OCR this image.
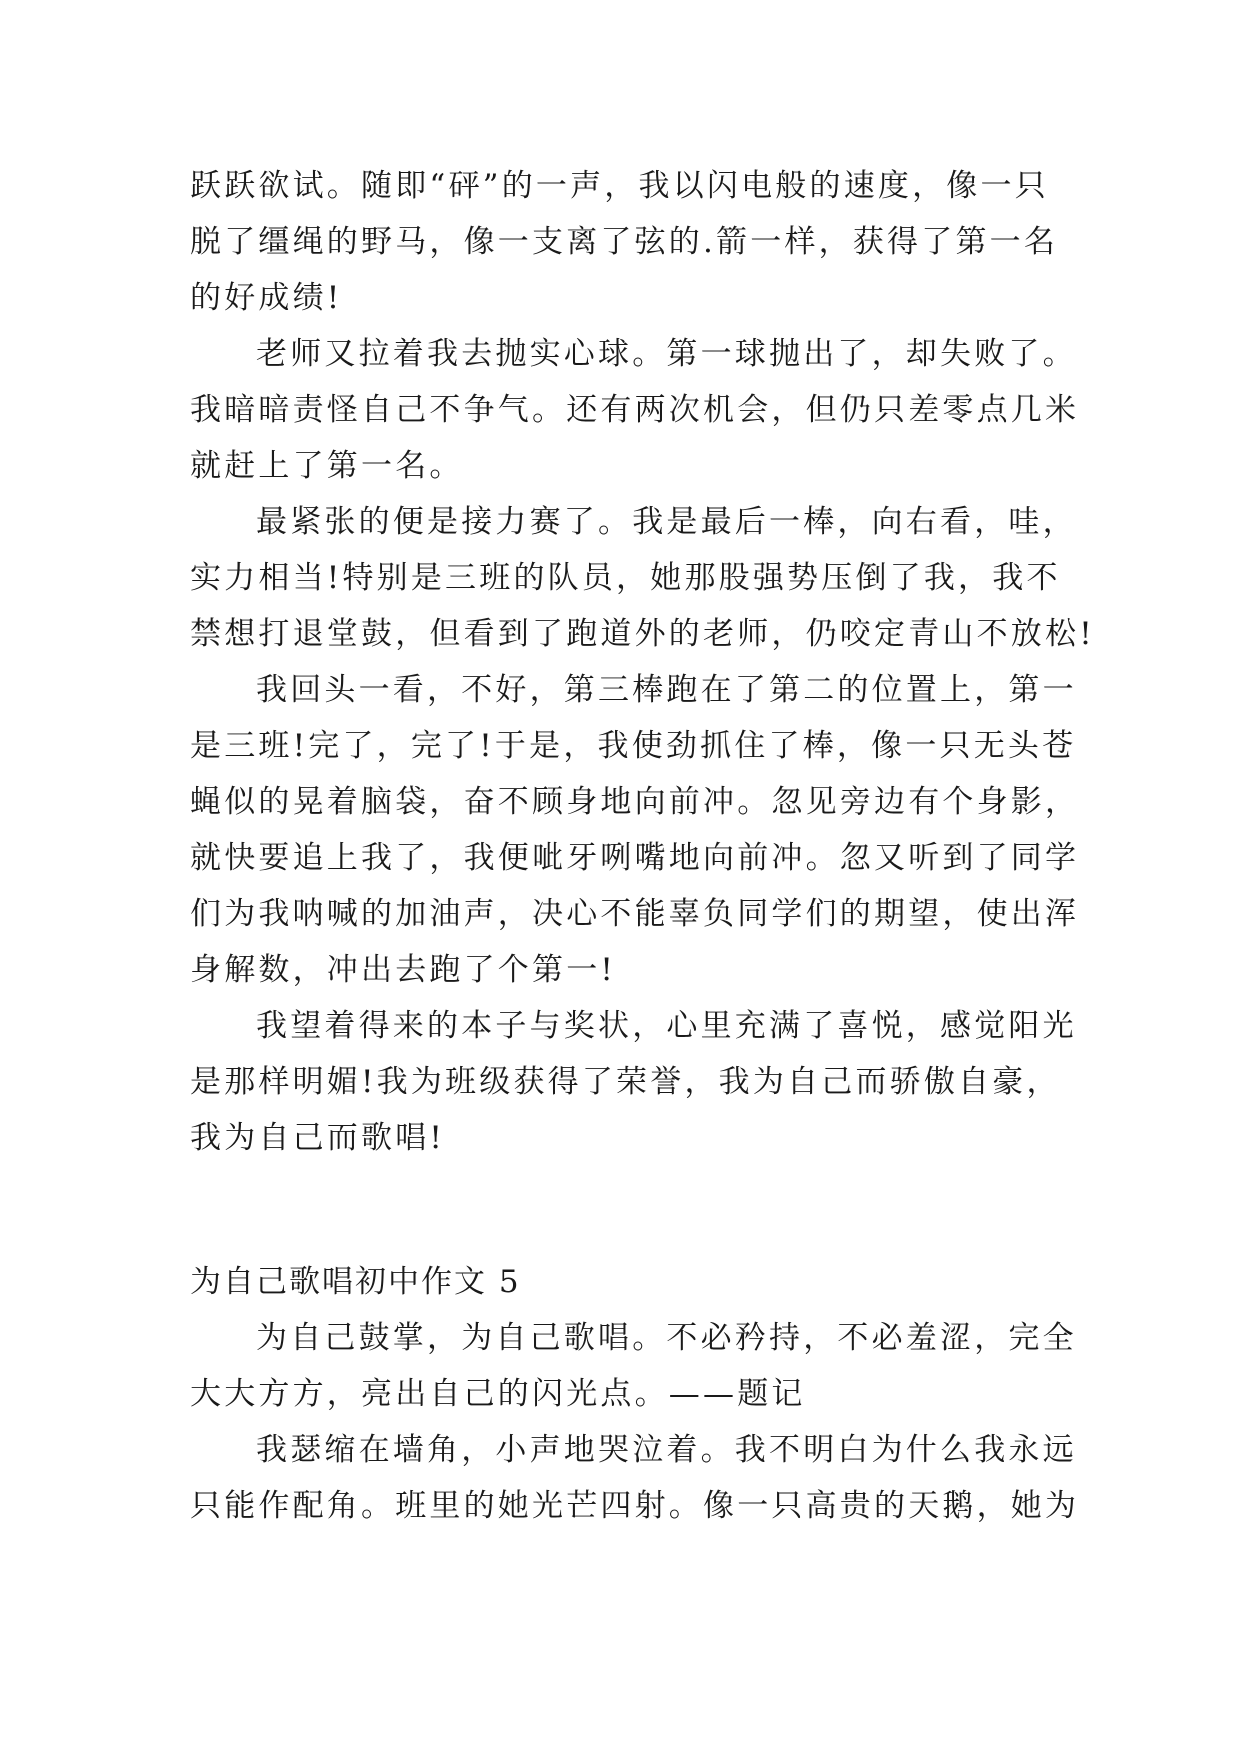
跃跃欲试。随即“砰”的一声，我以闪电般的速度，像一只
脱了缰绳的野马，像一支离了弦的.箭一样，获得了第一名
的好成绩!
老师又拉着我去抛实心球。第一球抛出了，却失败了。
我暗暗责怪自己不争气。还有两次机会，但仍只差零点几米
就赶上了第一名。
最紧张的便是接力赛了。我是最后一棒，向右看，哇，
实力相当!特别是三班的队员，她那股强势压倒了我，我不
禁想打退堂鼓，但看到了跑道外的老师，仍咬定青山不放松!
我回头一看，不好，第三棒跑在了第二的位置上，第一
是三班!完了，完了!于是，我使劲抓住了棒，像一只无头苍
蝇似的晃着脑袋，奋不顾身地向前冲。忽见旁边有个身影，
就快要追上我了，我便呲牙咧嘴地向前冲。忽又听到了同学
们为我呐喊的加油声，决心不能辜负同学们的期望，使出浑
身解数，冲出去跑了个第一!
我望着得来的本子与奖状，心里充满了喜悦，感觉阳光
是那样明媚!我为班级获得了荣誉，我为自己而骄傲自豪，
我为自己而歌唱!
为自己歌唱初中作文 5
为自己鼓掌，为自己歌唱。不必矜持，不必羞涩，完全
大大方方，亮出自己的闪光点。——题记
我瑟缩在墙角，小声地哭泣着。我不明白为什么我永远
只能作配角。班里的她光芒四射。像一只高贵的天鹅，她为
